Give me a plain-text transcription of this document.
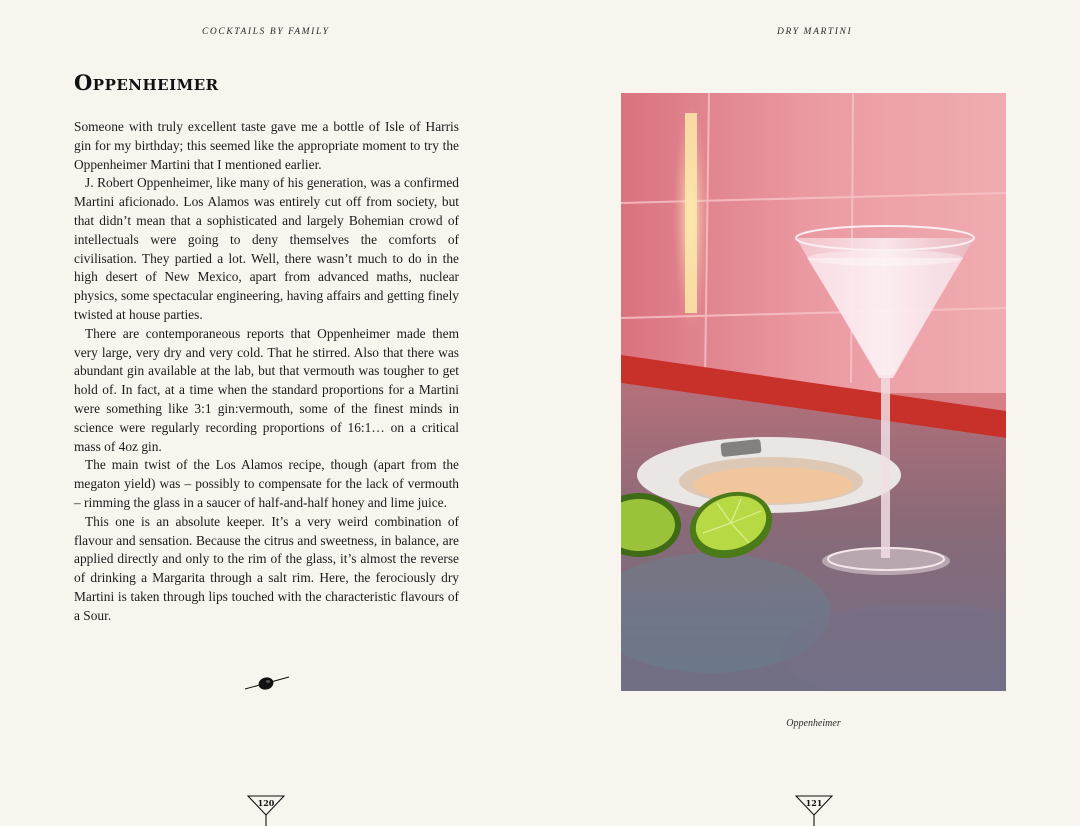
COCKTAILS BY FAMILY
Oppenheimer

Someone with truly excellent taste gave me a bottle of Isle of Harris gin for my birthday; this seemed like the appropriate moment to try the Oppenheimer Martini that I mentioned earlier.

J. Robert Oppenheimer, like many of his generation, was a confirmed Martini aficionado. Los Alamos was entirely cut off from society, but that didn’t mean that a sophisticated and largely Bohemian crowd of intellectuals were going to deny themselves the comforts of civilisation. They partied a lot. Well, there wasn’t much to do in the high desert of New Mexico, apart from advanced maths, nuclear physics, some spectacular engineering, having affairs and getting finely twisted at house parties.

There are contemporaneous reports that Oppenheimer made them very large, very dry and very cold. That he stirred. Also that there was abundant gin available at the lab, but that vermouth was tougher to get hold of. In fact, at a time when the standard proportions for a Martini were something like 3:1 gin:vermouth, some of the finest minds in science were regularly recording proportions of 16:1… on a critical mass of 4oz gin.

The main twist of the Los Alamos recipe, though (apart from the megaton yield) was – possibly to compensate for the lack of vermouth – rimming the glass in a saucer of half-and-half honey and lime juice.

This one is an absolute keeper. It’s a very weird combination of flavour and sensation. Because the citrus and sweetness, in balance, are applied directly and only to the rim of the glass, it’s almost the reverse of drinking a Margarita through a salt rim. Here, the ferociously dry Martini is taken through lips touched with the characteristic flavours of a Sour.

120
DRY MARTINI
Oppenheimer
121
